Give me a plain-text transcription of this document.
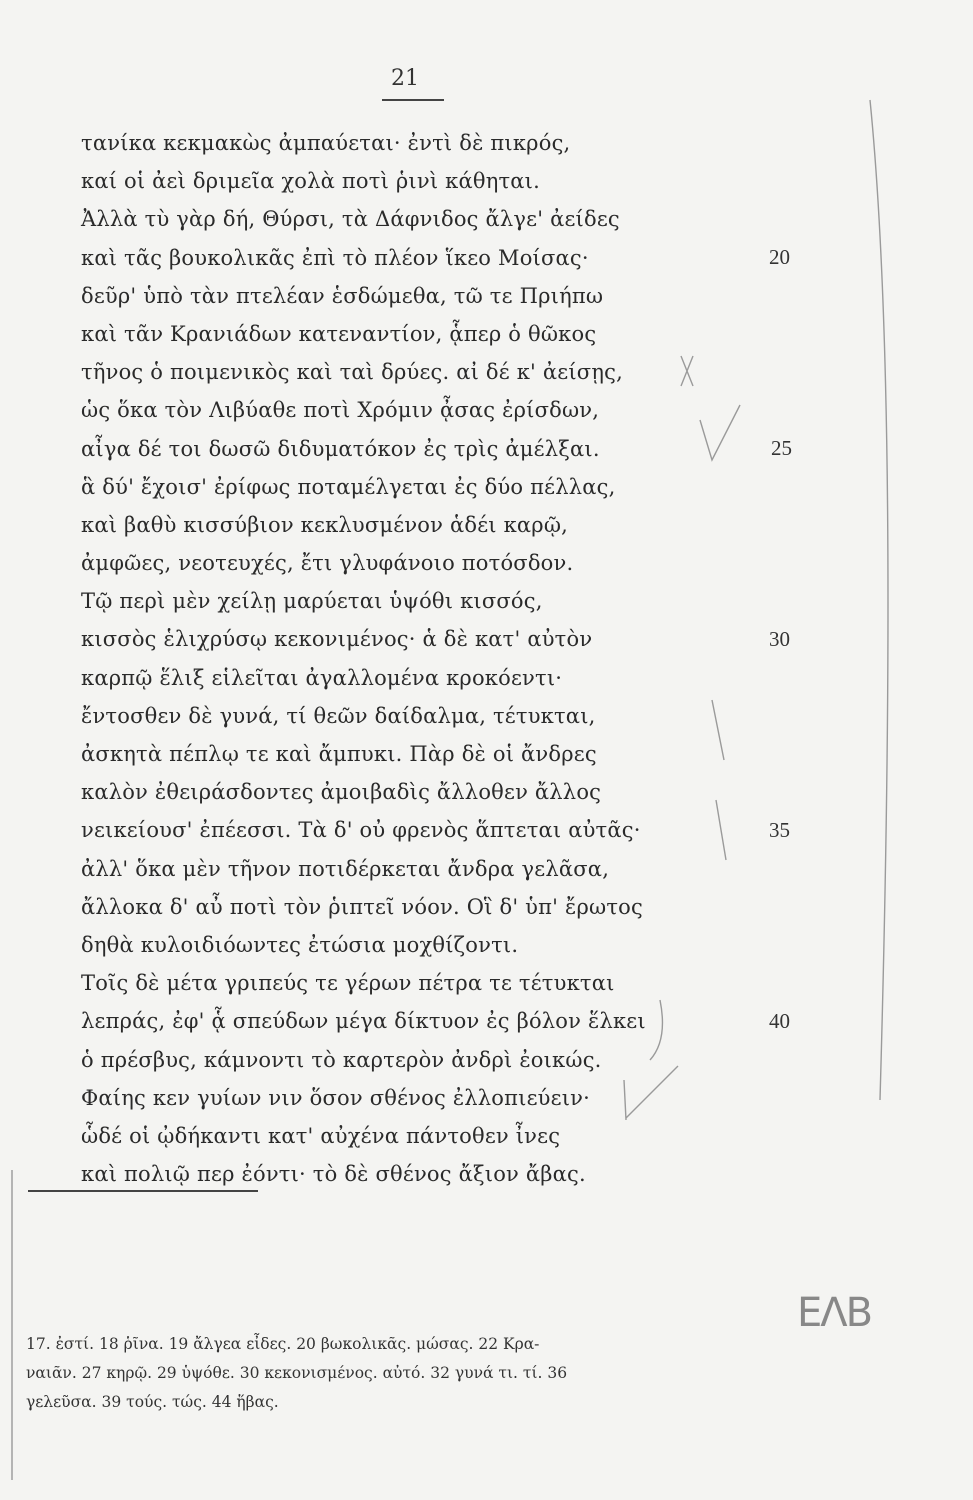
21
τανίκα κεκμακὼς ἀμπαύεται· ἐντὶ δὲ πικρός,
καί οἱ ἀεὶ δριμεῖα χολὰ ποτὶ ῥινὶ κάθηται.
Ἀλλὰ τὺ γὰρ δή, Θύρσι, τὰ Δάφνιδος ἄλγε' ἀείδες
καὶ τᾶς βουκολικᾶς ἐπὶ τὸ πλέον ἵκεο Μοίσας·
δεῦρ' ὑπὸ τὰν πτελέαν ἑσδώμεθα, τῶ τε Πριήπω
καὶ τᾶν Κρανιάδων κατεναντίον, ᾇπερ ὁ θῶκος
τῆνος ὁ ποιμενικὸς καὶ ταὶ δρύες. αἰ δέ κ' ἀείσῃς,
ὡς ὅκα τὸν Λιβύαθε ποτὶ Χρόμιν ᾆσας ἐρίσδων,
αἶγα δέ τοι δωσῶ διδυματόκον ἐς τρὶς ἀμέλξαι.
ἃ δύ' ἔχοισ' ἐρίφως ποταμέλγεται ἐς δύο πέλλας,
καὶ βαθὺ κισσύβιον κεκλυσμένον ἁδέι καρῷ,
ἀμφῶες, νεοτευχές, ἔτι γλυφάνοιο ποτόσδον.
Τῷ περὶ μὲν χείλῃ μαρύεται ὑψόθι κισσός,
κισσὸς ἑλιχρύσῳ κεκονιμένος· ἁ δὲ κατ' αὐτὸν
καρπῷ ἕλιξ εἱλεῖται ἀγαλλομένα κροκόεντι·
ἔντοσθεν δὲ γυνά, τί θεῶν δαίδαλμα, τέτυκται,
ἀσκητὰ πέπλῳ τε καὶ ἄμπυκι. Πὰρ δὲ οἱ ἄνδρες
καλὸν ἐθειράσδοντες ἀμοιβαδὶς ἄλλοθεν ἄλλος
νεικείουσ' ἐπέεσσι. Τὰ δ' οὐ φρενὸς ἅπτεται αὐτᾶς·
ἀλλ' ὅκα μὲν τῆνον ποτιδέρκεται ἄνδρα γελᾶσα,
ἄλλοκα δ' αὖ ποτὶ τὸν ῥιπτεῖ νόον. Οἳ δ' ὑπ' ἔρωτος
δηθὰ κυλοιδιόωντες ἐτώσια μοχθίζοντι.
Τοῖς δὲ μέτα γριπεύς τε γέρων πέτρα τε τέτυκται
λεπράς, ἐφ' ᾇ σπεύδων μέγα δίκτυον ἐς βόλον ἕλκει
ὁ πρέσβυς, κάμνοντι τὸ καρτερὸν ἀνδρὶ ἐοικώς.
Φαίης κεν γυίων νιν ὅσον σθένος ἐλλοπιεύειν·
ὧδέ οἱ ᾠδήκαντι κατ' αὐχένα πάντοθεν ἶνες
καὶ πολιῷ περ ἐόντι· τὸ δὲ σθένος ἄξιον ἄβας.
20
25
30
35
40

17. ἐστί. 18 ῥῖνα. 19 ἄλγεα εἶδες. 20 βωκολικᾶς. μώσας. 22 Κρα-

ναιᾶν. 27 κηρῷ. 29 ὑψόθε. 30 κεκονισμένος. αὐτό. 32 γυνά τι. τί. 36

γελεῦσα. 39 τούς. τώς. 44 ἥβας.

ΕΛΒ
